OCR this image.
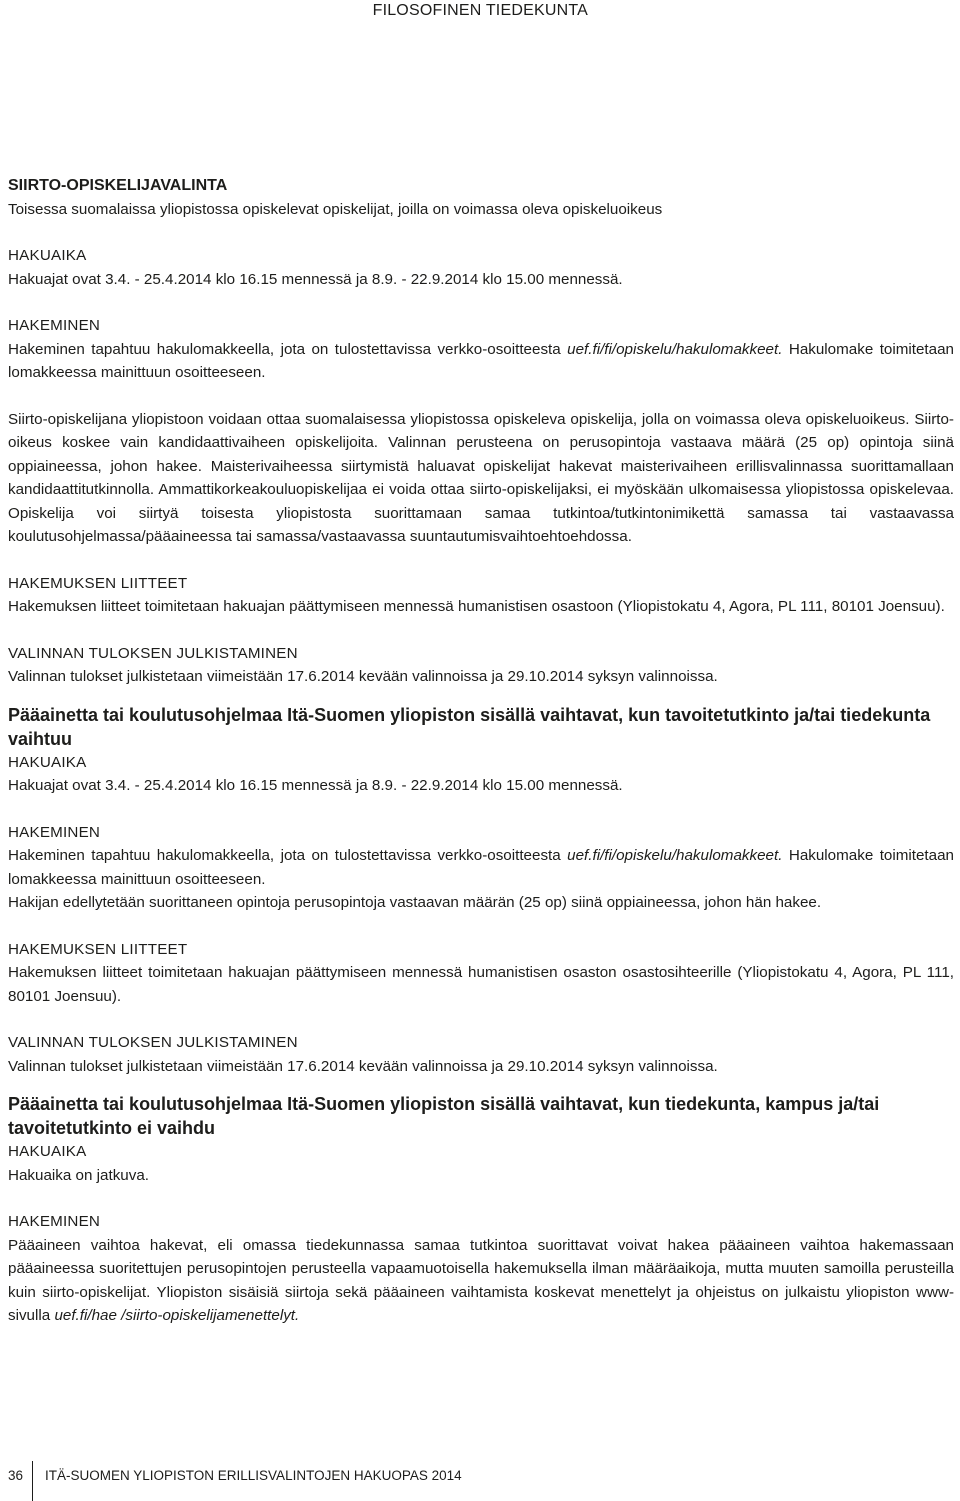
FILOSOFINEN TIEDEKUNTA
SIIRTO-OPISKELIJAVALINTA

Toisessa suomalaissa yliopistossa opiskelevat opiskelijat, joilla on voimassa oleva opiskeluoikeus

HAKUAIKA

Hakuajat ovat 3.4. - 25.4.2014 klo 16.15 mennessä ja 8.9. - 22.9.2014 klo 15.00 mennessä.

HAKEMINEN

Hakeminen tapahtuu hakulomakkeella, jota on tulostettavissa verkko-osoitteesta uef.fi/fi/opiskelu/hakulomakkeet. Hakulomake toimitetaan lomakkeessa mainittuun osoitteeseen.

Siirto-opiskelijana yliopistoon voidaan ottaa suomalaisessa yliopistossa opiskeleva opiskelija, jolla on voimassa oleva opiskeluoikeus. Siirto-oikeus koskee vain kandidaattivaiheen opiskelijoita. Valinnan perusteena on perusopintoja vastaava määrä (25 op) opintoja siinä oppiaineessa, johon hakee. Maisterivaiheessa siirtymistä haluavat opiskelijat hakevat maisterivaiheen erillisvalinnassa suorittamallaan kandidaattitutkinnolla. Ammattikorkeakouluopiskelijaa ei voida ottaa siirto-opiskelijaksi, ei myöskään ulkomaisessa yliopistossa opiskelevaa. Opiskelija voi siirtyä toisesta yliopistosta suorittamaan samaa tutkintoa/tutkintonimikettä samassa tai vastaavassa koulutusohjelmassa/pääaineessa tai samassa/vastaavassa suuntautumisvaihtoehtoehdossa.

HAKEMUKSEN LIITTEET

Hakemuksen liitteet toimitetaan hakuajan päättymiseen mennessä humanistisen osastoon (Yliopistokatu 4, Agora, PL 111, 80101 Joensuu).

VALINNAN TULOKSEN JULKISTAMINEN

Valinnan tulokset julkistetaan viimeistään 17.6.2014 kevään valinnoissa ja 29.10.2014 syksyn valinnoissa.

Pääainetta tai koulutusohjelmaa Itä-Suomen yliopiston sisällä vaihtavat, kun tavoitetutkinto ja/tai tiedekunta vaihtuu

HAKUAIKA

Hakuajat ovat 3.4. - 25.4.2014 klo 16.15 mennessä ja 8.9. - 22.9.2014 klo 15.00 mennessä.

HAKEMINEN

Hakeminen tapahtuu hakulomakkeella, jota on tulostettavissa verkko-osoitteesta uef.fi/fi/opiskelu/hakulomakkeet. Hakulomake toimitetaan lomakkeessa mainittuun osoitteeseen.

Hakijan edellytetään suorittaneen opintoja perusopintoja vastaavan määrän (25 op) siinä oppiaineessa, johon hän hakee.

HAKEMUKSEN LIITTEET

Hakemuksen liitteet toimitetaan hakuajan päättymiseen mennessä humanistisen osaston osastosihteerille (Yliopistokatu 4, Agora, PL 111, 80101 Joensuu).

VALINNAN TULOKSEN JULKISTAMINEN

Valinnan tulokset julkistetaan viimeistään 17.6.2014 kevään valinnoissa ja 29.10.2014 syksyn valinnoissa.

Pääainetta tai koulutusohjelmaa Itä-Suomen yliopiston sisällä vaihtavat, kun tiedekunta, kampus ja/tai tavoitetutkinto ei vaihdu

HAKUAIKA

Hakuaika on jatkuva.

HAKEMINEN

Pääaineen vaihtoa hakevat, eli omassa tiedekunnassa samaa tutkintoa suorittavat voivat hakea pääaineen vaihtoa hakemassaan pääaineessa suoritettujen perusopintojen perusteella vapaamuotoisella hakemuksella ilman määräaikoja, mutta muuten samoilla perusteilla kuin siirto-opiskelijat. Yliopiston sisäisiä siirtoja sekä pääaineen vaihtamista koskevat menettelyt ja ohjeistus on julkaistu yliopiston www-sivulla uef.fi/hae /siirto-opiskelijamenettelyt.

36	ITÄ-SUOMEN YLIOPISTON ERILLISVALINTOJEN HAKUOPAS 2014
